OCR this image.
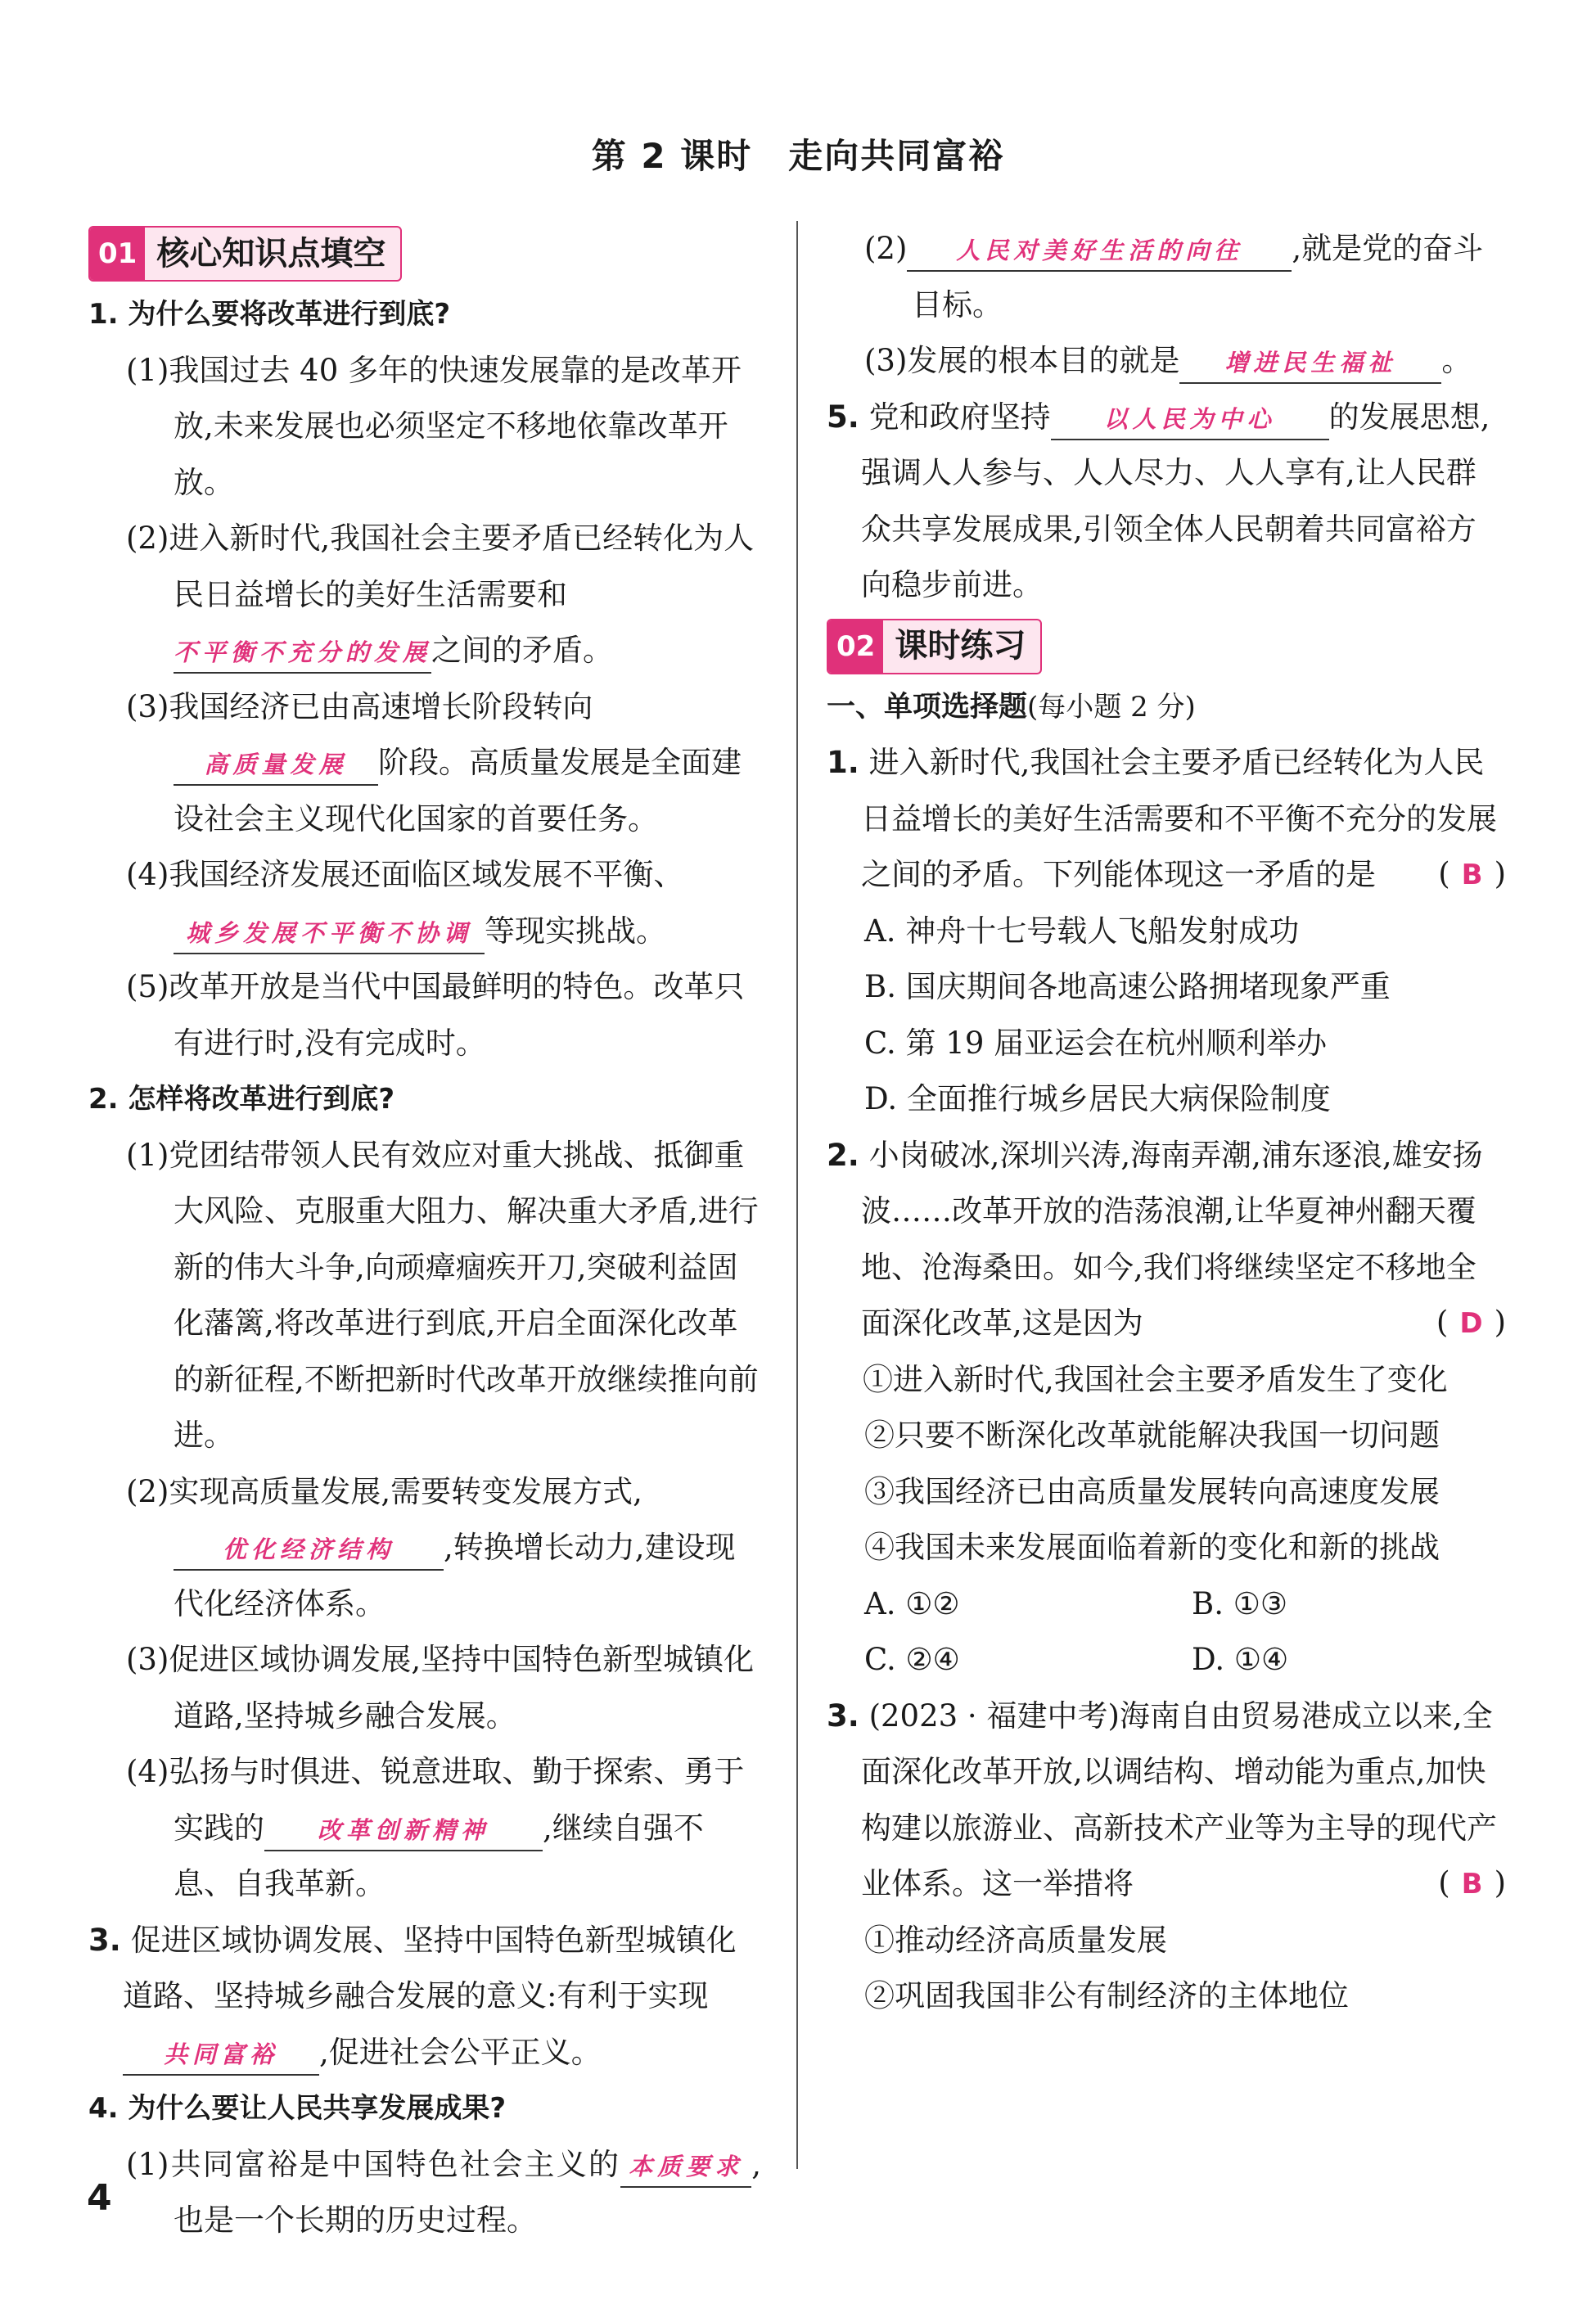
第 2 课时　走向共同富裕
01 核心知识点填空

1. 为什么要将改革进行到底?

(1)我国过去 40 多年的快速发展靠的是改革开放,未来发展也必须坚定不移地依靠改革开放。

(2)进入新时代,我国社会主要矛盾已经转化为人民日益增长的美好生活需要和不平衡不充分的发展之间的矛盾。

(3)我国经济已由高速增长阶段转向高质量发展 阶段。高质量发展是全面建设社会主义现代化国家的首要任务。

(4)我国经济发展还面临区域发展不平衡、城乡发展不平衡不协调 等现实挑战。

(5)改革开放是当代中国最鲜明的特色。改革只有进行时,没有完成时。

2. 怎样将改革进行到底?

(1)党团结带领人民有效应对重大挑战、抵御重大风险、克服重大阻力、解决重大矛盾,进行新的伟大斗争,向顽瘴痼疾开刀,突破利益固化藩篱,将改革进行到底,开启全面深化改革的新征程,不断把新时代改革开放继续推向前进。

(2)实现高质量发展,需要转变发展方式,优化经济结构 ,转换增长动力,建设现代化经济体系。

(3)促进区域协调发展,坚持中国特色新型城镇化道路,坚持城乡融合发展。

(4)弘扬与时俱进、锐意进取、勤于探索、勇于实践的 改革创新精神 ,继续自强不息、自我革新。

3. 促进区域协调发展、坚持中国特色新型城镇化道路、坚持城乡融合发展的意义:有利于实现共同富裕 ,促进社会公平正义。

4. 为什么要让人民共享发展成果?

(1)共同富裕是中国特色社会主义的 本质要求 ,也是一个长期的历史过程。

(2) 人民对美好生活的向往 ,就是党的奋斗目标。

(3)发展的根本目的就是 增进民生福祉 。

5. 党和政府坚持 以人民为中心 的发展思想,强调人人参与、人人尽力、人人享有,让人民群众共享发展成果,引领全体人民朝着共同富裕方向稳步前进。

02 课时练习

一、单项选择题(每小题 2 分)

1. 进入新时代,我国社会主要矛盾已经转化为人民日益增长的美好生活需要和不平衡不充分的发展之间的矛盾。下列能体现这一矛盾的是 ( B )

A. 神舟十七号载人飞船发射成功

B. 国庆期间各地高速公路拥堵现象严重

C. 第 19 届亚运会在杭州顺利举办

D. 全面推行城乡居民大病保险制度

2. 小岗破冰,深圳兴涛,海南弄潮,浦东逐浪,雄安扬波……改革开放的浩荡浪潮,让华夏神州翻天覆地、沧海桑田。如今,我们将继续坚定不移地全面深化改革,这是因为	( D )

①进入新时代,我国社会主要矛盾发生了变化

②只要不断深化改革就能解决我国一切问题

③我国经济已由高质量发展转向高速度发展

④我国未来发展面临着新的变化和新的挑战

A. ①②	B. ①③
C. ②④	D. ①④

3. (2023 · 福建中考)海南自由贸易港成立以来,全面深化改革开放,以调结构、增动能为重点,加快构建以旅游业、高新技术产业等为主导的现代产业体系。这一举措将	( B )

①推动经济高质量发展

②巩固我国非公有制经济的主体地位

4
